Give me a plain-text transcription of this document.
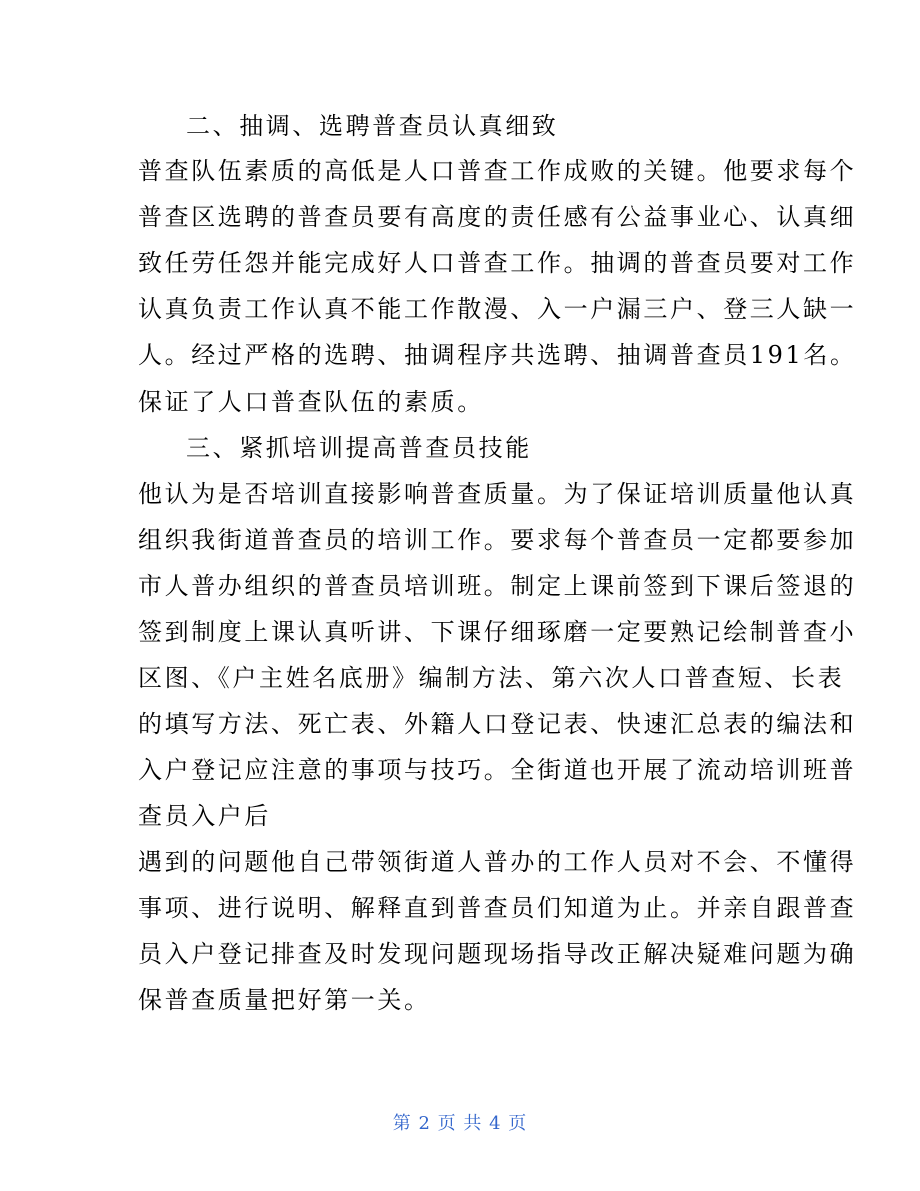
二、抽调、选聘普查员认真细致
普查队伍素质的高低是人口普查工作成败的关键。他要求每个
普查区选聘的普查员要有高度的责任感有公益事业心、认真细
致任劳任怨并能完成好人口普查工作。抽调的普查员要对工作
认真负责工作认真不能工作散漫、入一户漏三户、登三人缺一
人。经过严格的选聘、抽调程序共选聘、抽调普查员191名。
保证了人口普查队伍的素质。
三、紧抓培训提高普查员技能
他认为是否培训直接影响普查质量。为了保证培训质量他认真
组织我街道普查员的培训工作。要求每个普查员一定都要参加
市人普办组织的普查员培训班。制定上课前签到下课后签退的
签到制度上课认真听讲、下课仔细琢磨一定要熟记绘制普查小
区图、《户主姓名底册》编制方法、第六次人口普查短、长表
的填写方法、死亡表、外籍人口登记表、快速汇总表的编法和
入户登记应注意的事项与技巧。全街道也开展了流动培训班普
查员入户后
遇到的问题他自己带领街道人普办的工作人员对不会、不懂得
事项、进行说明、解释直到普查员们知道为止。并亲自跟普查
员入户登记排查及时发现问题现场指导改正解决疑难问题为确
保普查质量把好第一关。
第 2 页 共 4 页
